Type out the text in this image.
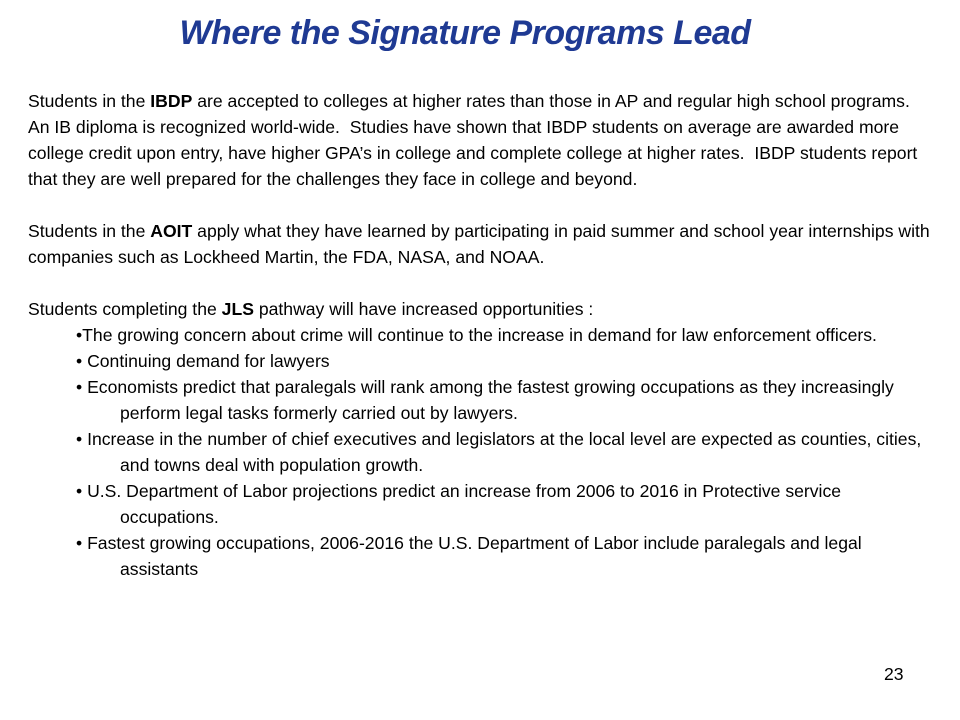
Where the Signature Programs Lead

Students in the IBDP are accepted to colleges at higher rates than those in AP and regular high school programs.  An IB diploma is recognized world-wide.  Studies have shown that IBDP students on average are awarded more college credit upon entry, have higher GPA’s in college and complete college at higher rates.  IBDP students report that they are well prepared for the challenges they face in college and beyond.

Students in the AOIT apply what they have learned by participating in paid summer and school year internships with companies such as Lockheed Martin, the FDA, NASA, and NOAA.

Students completing the JLS pathway will have increased opportunities :

•The growing concern about crime will continue to the increase in demand for law enforcement officers.
• Continuing demand for lawyers
• Economists predict that paralegals will rank among the fastest growing occupations as they increasingly perform legal tasks formerly carried out by lawyers.
• Increase in the number of chief executives and legislators at the local level are expected as counties, cities, and towns deal with population growth.
• U.S. Department of Labor projections predict an increase from 2006 to 2016 in Protective service occupations.
• Fastest growing occupations, 2006-2016 the U.S. Department of Labor include paralegals and legal assistants
23
